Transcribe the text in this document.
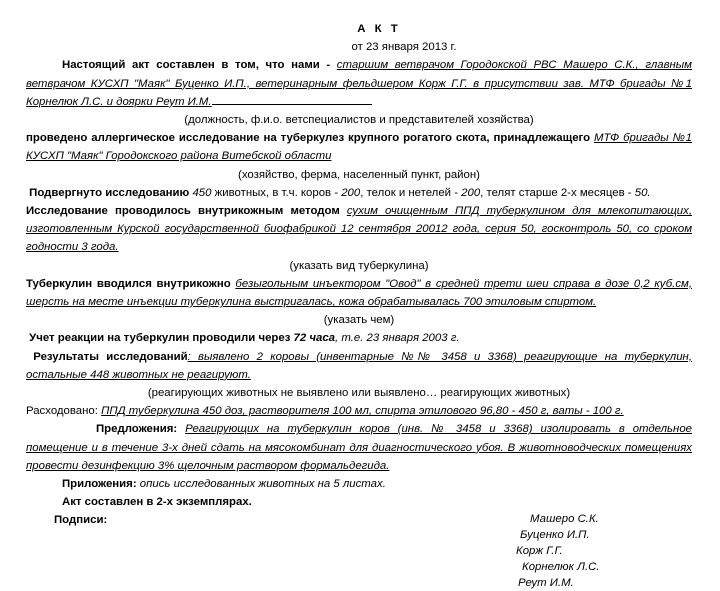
А К Т
от 23 января 2013 г.
Настоящий акт составлен в том, что нами - старшим ветврачом Городокской РВС Машеро С.К., главным ветврачом КУСХП "Маяк" Буценко И.П., ветеринарным фельдшером Корж Г.Г. в присутствии зав. МТФ бригады №1 Корнелюк Л.С. и доярки Реут И.М.
(должность, ф.и.о. ветспециалистов и представителей хозяйства)
проведено аллергическое исследование на туберкулез крупного рогатого скота, принадлежащего МТФ бригады №1 КУСХП "Маяк" Городокского района Витебской области
(хозяйство, ферма, населенный пункт, район)
Подвергнуто исследованию 450 животных, в т.ч. коров - 200, телок и нетелей - 200, телят старше 2-х месяцев - 50.
Исследование проводилось внутрикожным методом сухим очищенным ППД туберкулином для млекопитающих, изготовленным Курской государственной биофабрикой 12 сентября 20012 года, серия 50, госконтроль 50, со сроком годности 3 года.
(указать вид туберкулина)
Туберкулин вводился внутрикожно безыгольным инъектором "Овод" в средней трети шеи справа в дозе 0,2 куб.см, шерсть на месте инъекции туберкулина выстригалась, кожа обрабатывалась 700 этиловым спиртом.
(указать чем)
Учет реакции на туберкулин проводили через 72 часа, т.е. 23 января 2003 г.
Результаты исследований: выявлено 2 коровы (инвентарные №№ 3458 и 3368) реагирующие на туберкулин, остальные 448 животных не реагируют.
(реагирующих животных не выявлено или выявлено… реагирующих животных)
Расходовано: ППД туберкулина 450 доз, растворителя 100 мл, спирта этилового 96,80 - 450 г, ваты - 100 г.
Предложения: Реагирующих на туберкулин коров (инв. № 3458 и 3368) изолировать в отдельное помещение и в течение 3-х дней сдать на мясокомбинат для диагностического убоя. В животноводческих помещениях провести дезинфекцию 3% щелочным раствором формальдегида.
Приложения: опись исследованных животных на 5 листах.
Акт составлен в 2-х экземплярах.
Подписи:	Машеро С.К.
Буценко И.П.
Корж Г.Г.
Корнелюк Л.С.
Реут И.М.
